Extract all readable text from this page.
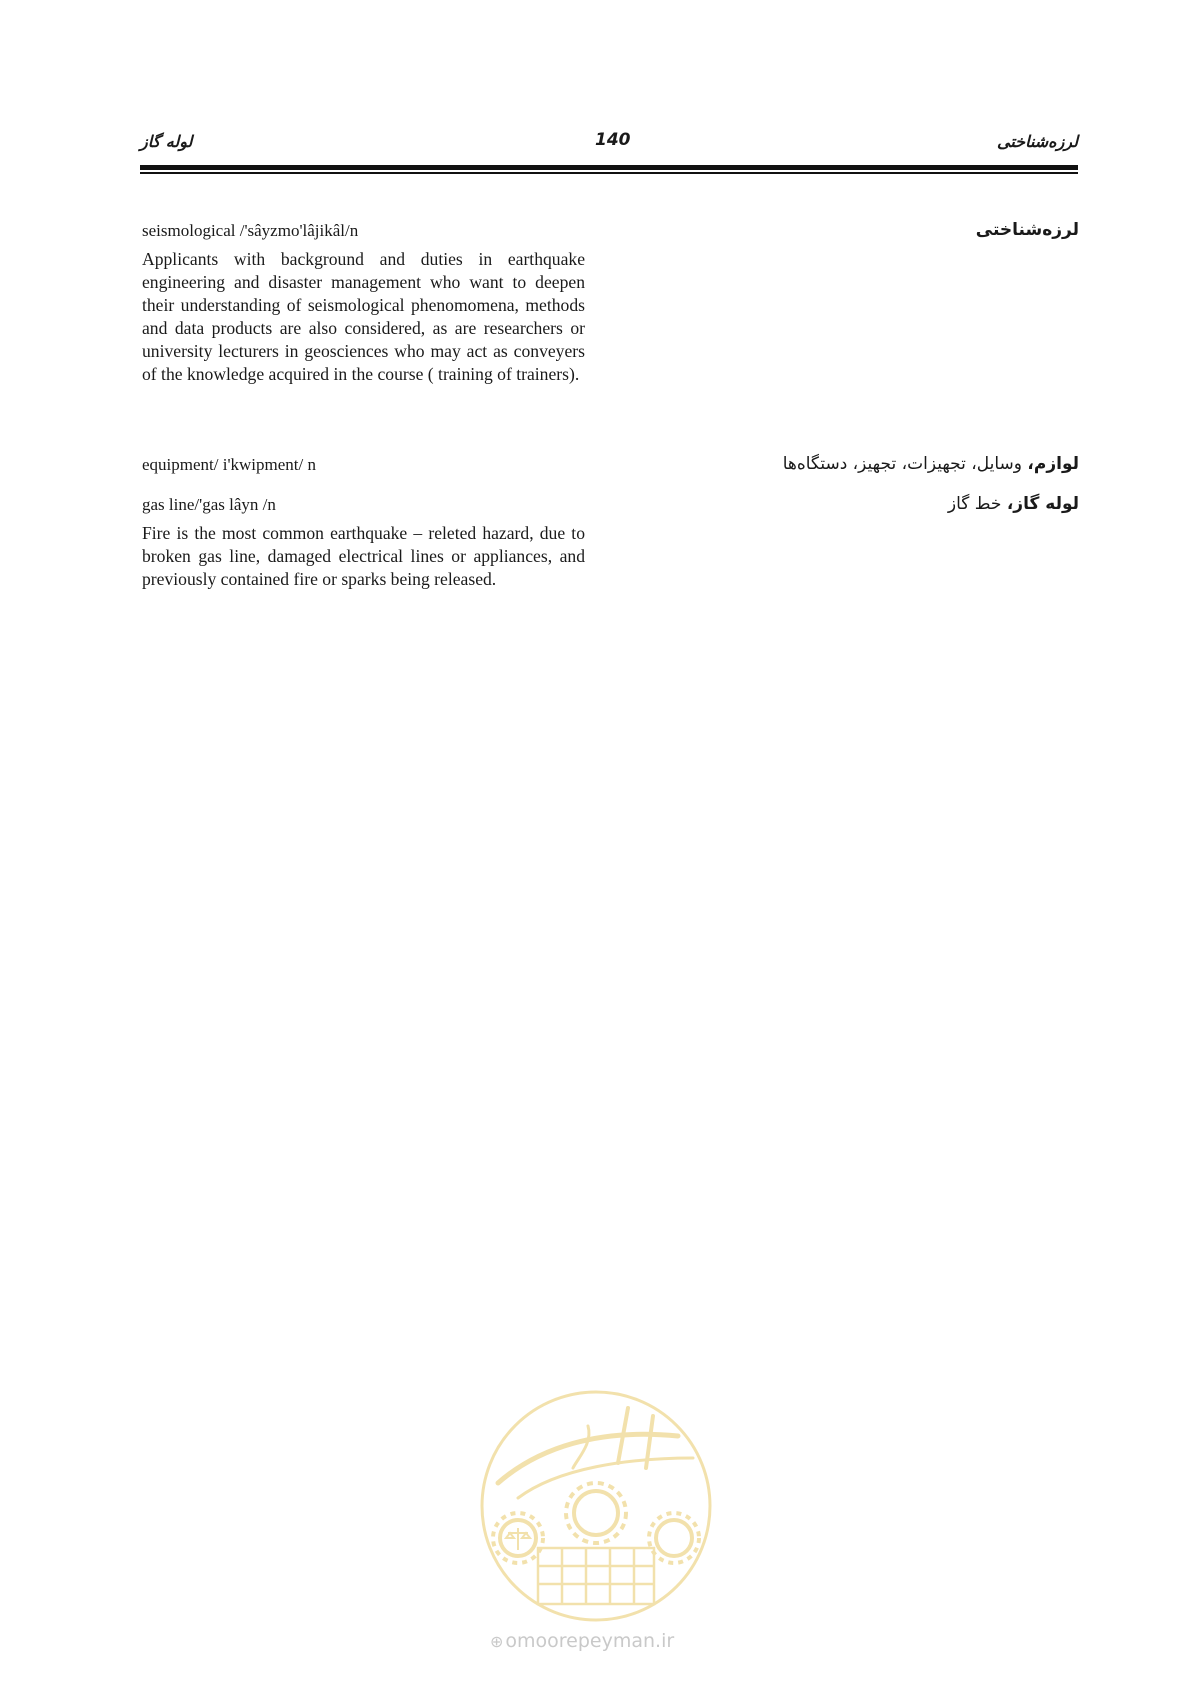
لوله گاز	140	لرزه‌شناختی
لرزه‌شناختی
seismological /'sâyzmo'lâjikâl/n
Applicants with background and duties in earthquake engineering and disaster management who want to deepen their understanding of seismological phenomomena, methods and data products are also considered, as are researchers or university lecturers in geosciences who may act as conveyers of the knowledge acquired in the course ( training of trainers).
لوازم، وسایل، تجهیزات، تجهیز، دستگاه‌ها
equipment/ i'kwipment/ n
لوله گاز، خط گاز
gas line/'gas lâyn /n
Fire is the most common earthquake – releted hazard, due to broken gas line, damaged electrical lines or appliances, and previously contained fire or sparks being released.
⊕ omoorepeyman.ir
